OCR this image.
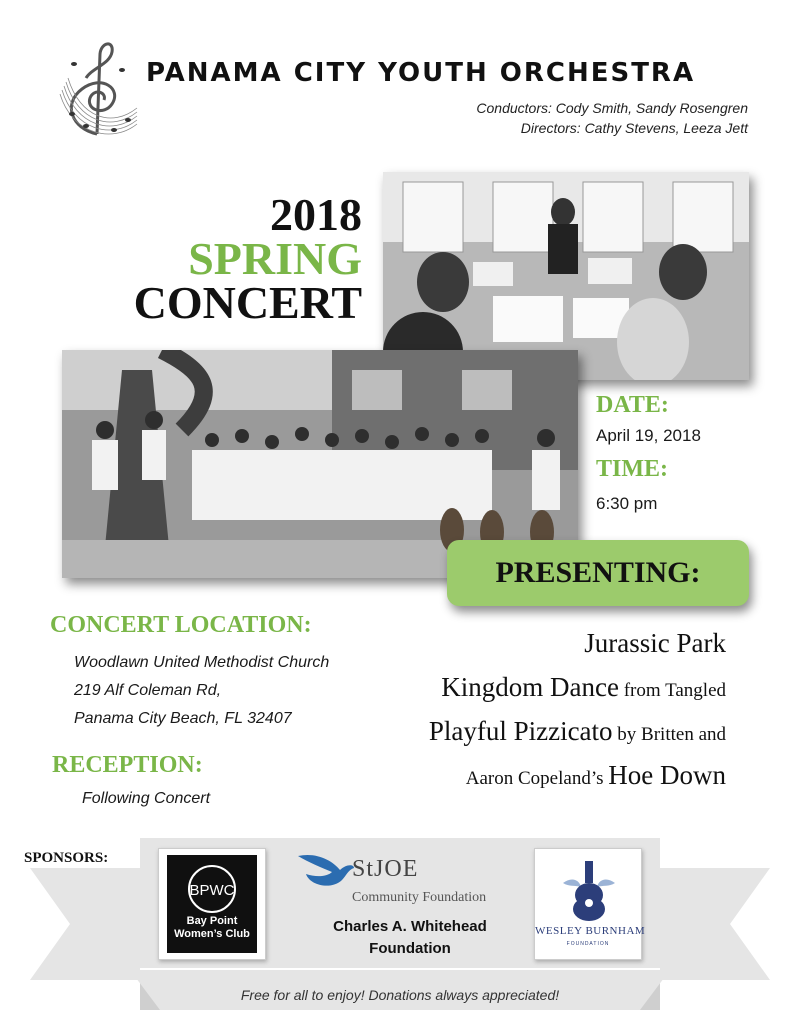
PANAMA CITY YOUTH ORCHESTRA
Conductors: Cody Smith, Sandy Rosengren
Directors: Cathy Stevens, Leeza Jett
2018
SPRING
CONCERT
DATE:
April 19, 2018
TIME:
6:30 pm
PRESENTING:
Jurassic Park
Kingdom Dance from Tangled
Playful Pizzicato by Britten and
Aaron Copeland’s Hoe Down
CONCERT LOCATION:
Woodlawn United Methodist Church
219 Alf Coleman Rd,
Panama City Beach, FL 32407
RECEPTION:
Following Concert
SPONSORS:
BPWC
Bay Point
Women’s Club
StJOE
Community Foundation
Charles A. Whitehead
Foundation
WESLEY BURNHAM
FOUNDATION
Free for all to enjoy! Donations always appreciated!
